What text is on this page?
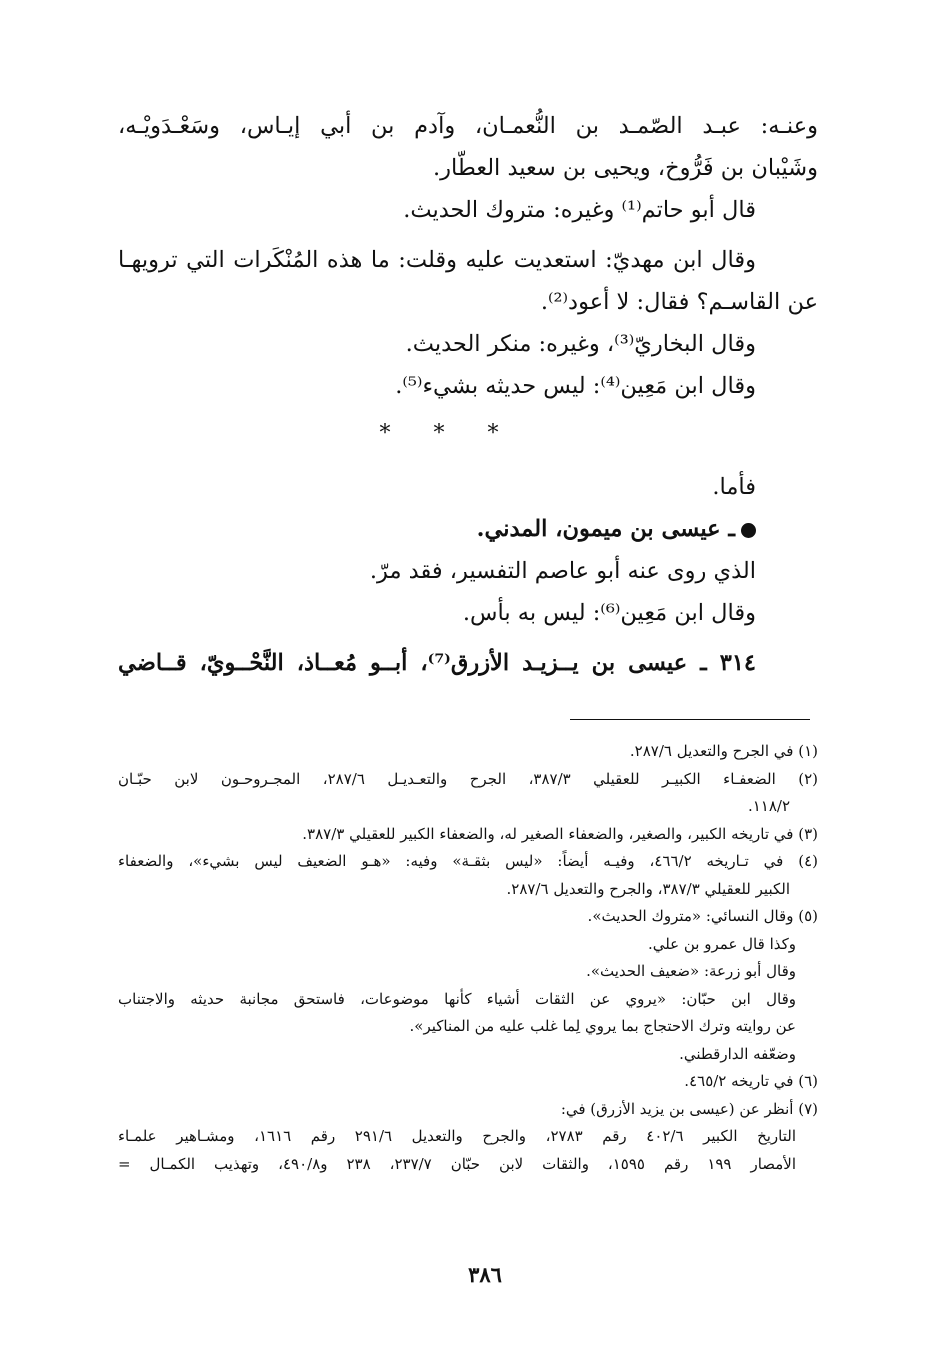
وعنـه: عبـد الصّمـد بن النُّعمـان، وآدم بن أبي إيـاس، وسَعْـدَويْـه،
وشَيْبان بن فَرُّوخ، ويحيى بن سعيد العطّار.
قال أبو حاتم⁽¹⁾ وغيره: متروك الحديث.
وقال ابن مهديّ: استعديت عليه وقلت: ما هذه المُنْكَرات التي ترويهـا
عن القاسـم؟ فقال: لا أعود⁽²⁾.
وقال البخاريّ⁽³⁾، وغيره: منكر الحديث.
وقال ابن مَعِين⁽⁴⁾: ليس حديثه بشيء⁽⁵⁾.
* * *
فأما.
ـ عيسى بن ميمون، المدني.
الذي روى عنه أبو عاصم التفسير، فقد مرّ.
وقال ابن مَعِين⁽⁶⁾: ليس به بأس.
٣١٤ ـ عيسى بن يــزيـد الأزرق⁽⁷⁾، أبــو مُعــاذ، النَّحْــويّ، قــاضي
(١) في الجرح والتعديل ٢٨٧/٦.
(٢) الضعفـاء الكبيـر للعقيلي ٣٨٧/٣، الجرح والتعـديـل ٢٨٧/٦، المجـروحـون لابن حبّـان
١١٨/٢.
(٣) في تاريخه الكبير، والصغير، والضعفاء الصغير له، والضعفاء الكبير للعقيلي ٣٨٧/٣.
(٤) في تـاريخه ٤٦٦/٢، وفيـه أيضاً: «ليس بثقـة» وفيه: «هـو الضعيف ليس بشيء»، والضعفاء
الكبير للعقيلي ٣٨٧/٣، والجرح والتعديل ٢٨٧/٦.
(٥) وقال النسائي: «متروك الحديث».
وكذا قال عمرو بن علي.
وقال أبو زرعة: «ضعيف الحديث».
وقال ابن حبّان: «يروي عن الثقات أشياء كأنها موضوعات، فاستحق مجانبة حديثه والاجتناب
عن روايته وترك الاحتجاج بما يروي لِما غلب عليه من المناكير».
وضعّفه الدارقطني.
(٦) في تاريخه ٤٦٥/٢.
(٧) أنظر عن (عيسى بن يزيد الأزرق) في:
التاريخ الكبير ٤٠٢/٦ رقم ٢٧٨٣، والجرح والتعديل ٢٩١/٦ رقم ١٦١٦، ومشـاهير علمـاء
الأمصار ١٩٩ رقم ١٥٩٥، والثقات لابن حبّان ٢٣٧/٧، ٢٣٨ و٤٩٠/٨، وتهذيب الكمـال =
٣٨٦
